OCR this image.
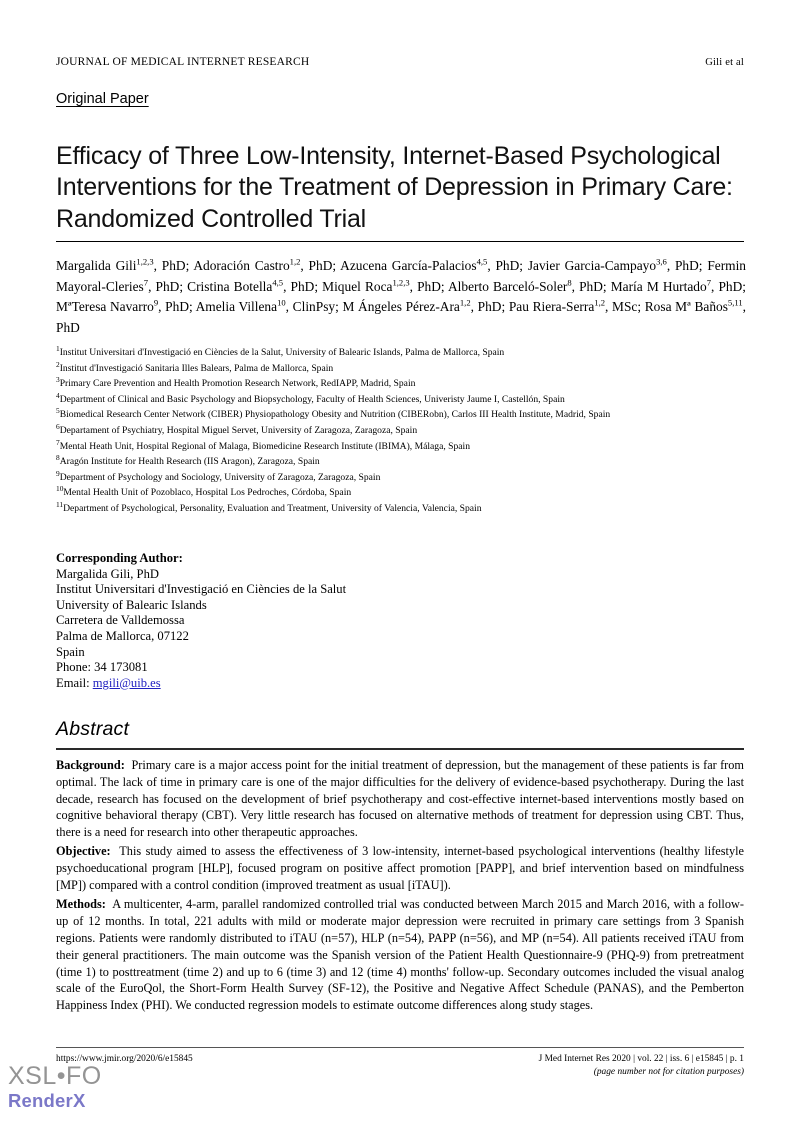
JOURNAL OF MEDICAL INTERNET RESEARCH	Gili et al
Original Paper
Efficacy of Three Low-Intensity, Internet-Based Psychological Interventions for the Treatment of Depression in Primary Care: Randomized Controlled Trial
Margalida Gili$^{1,2,3}$, PhD; Adoración Castro$^{1,2}$, PhD; Azucena García-Palacios$^{4,5}$, PhD; Javier Garcia-Campayo$^{3,6}$, PhD; Fermin Mayoral-Cleries$^7$, PhD; Cristina Botella$^{4,5}$, PhD; Miquel Roca$^{1,2,3}$, PhD; Alberto Barceló-Soler$^8$, PhD; María M Hurtado$^7$, PhD; MªTeresa Navarro$^9$, PhD; Amelia Villena$^{10}$, ClinPsy; M Ángeles Pérez-Ara$^{1,2}$, PhD; Pau Riera-Serra$^{1,2}$, MSc; Rosa Mª Baños$^{5,11}$, PhD
$^1$Institut Universitari d'Investigació en Ciències de la Salut, University of Balearic Islands, Palma de Mallorca, Spain
$^2$Institut d'Investigació Sanitaria Illes Balears, Palma de Mallorca, Spain
$^3$Primary Care Prevention and Health Promotion Research Network, RedIAPP, Madrid, Spain
$^4$Department of Clinical and Basic Psychology and Biopsychology, Faculty of Health Sciences, Univeristy Jaume I, Castellón, Spain
$^5$Biomedical Research Center Network (CIBER) Physiopathology Obesity and Nutrition (CIBERobn), Carlos III Health Institute, Madrid, Spain
$^6$Departament of Psychiatry, Hospital Miguel Servet, University of Zaragoza, Zaragoza, Spain
$^7$Mental Heath Unit, Hospital Regional of Malaga, Biomedicine Research Institute (IBIMA), Málaga, Spain
$^8$Aragón Institute for Health Research (IIS Aragon), Zaragoza, Spain
$^9$Department of Psychology and Sociology, University of Zaragoza, Zaragoza, Spain
$^{10}$Mental Health Unit of Pozoblaco, Hospital Los Pedroches, Córdoba, Spain
$^{11}$Department of Psychological, Personality, Evaluation and Treatment, University of Valencia, Valencia, Spain
Corresponding Author:
Margalida Gili, PhD
Institut Universitari d'Investigació en Ciències de la Salut
University of Balearic Islands
Carretera de Valldemossa
Palma de Mallorca, 07122
Spain
Phone: 34 173081
Email: mgili@uib.es
Abstract

Background: Primary care is a major access point for the initial treatment of depression, but the management of these patients is far from optimal. The lack of time in primary care is one of the major difficulties for the delivery of evidence-based psychotherapy. During the last decade, research has focused on the development of brief psychotherapy and cost-effective internet-based interventions mostly based on cognitive behavioral therapy (CBT). Very little research has focused on alternative methods of treatment for depression using CBT. Thus, there is a need for research into other therapeutic approaches.

Objective: This study aimed to assess the effectiveness of 3 low-intensity, internet-based psychological interventions (healthy lifestyle psychoeducational program [HLP], focused program on positive affect promotion [PAPP], and brief intervention based on mindfulness [MP]) compared with a control condition (improved treatment as usual [iTAU]).

Methods: A multicenter, 4-arm, parallel randomized controlled trial was conducted between March 2015 and March 2016, with a follow-up of 12 months. In total, 221 adults with mild or moderate major depression were recruited in primary care settings from 3 Spanish regions. Patients were randomly distributed to iTAU (n=57), HLP (n=54), PAPP (n=56), and MP (n=54). All patients received iTAU from their general practitioners. The main outcome was the Spanish version of the Patient Health Questionnaire-9 (PHQ-9) from pretreatment (time 1) to posttreatment (time 2) and up to 6 (time 3) and 12 (time 4) months' follow-up. Secondary outcomes included the visual analog scale of the EuroQol, the Short-Form Health Survey (SF-12), the Positive and Negative Affect Schedule (PANAS), and the Pemberton Happiness Index (PHI). We conducted regression models to estimate outcome differences along study stages.

https://www.jmir.org/2020/6/e15845	J Med Internet Res 2020 | vol. 22 | iss. 6 | e15845 | p. 1
(page number not for citation purposes)
XSL•FO
RenderX
